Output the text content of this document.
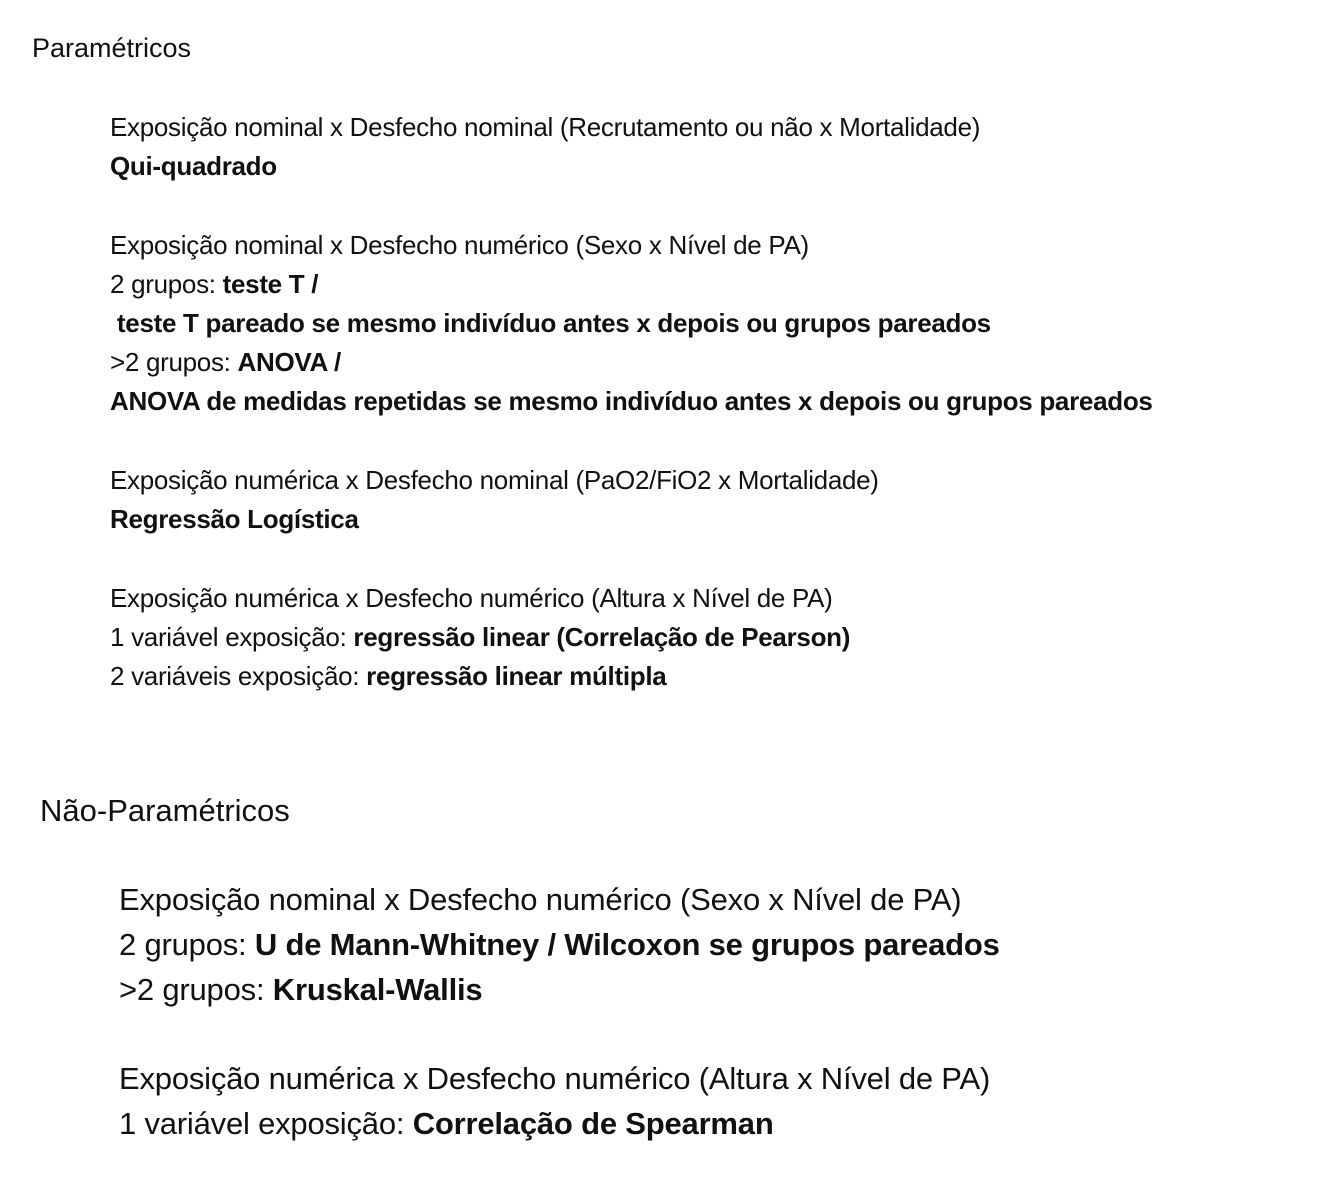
Paramétricos

Exposição nominal x Desfecho nominal (Recrutamento ou não x Mortalidade)

Qui-quadrado

Exposição nominal x Desfecho numérico (Sexo x Nível de PA)

2 grupos: teste T /

teste T pareado se mesmo indivíduo antes x depois ou grupos pareados

>2 grupos: ANOVA /

ANOVA de medidas repetidas se mesmo indivíduo antes x depois ou grupos pareados

Exposição numérica x Desfecho nominal (PaO2/FiO2 x Mortalidade)

Regressão Logística

Exposição numérica x Desfecho numérico (Altura x Nível de PA)

1 variável exposição: regressão linear (Correlação de Pearson)

2 variáveis exposição: regressão linear múltipla

Não-Paramétricos

Exposição nominal x Desfecho numérico (Sexo x Nível de PA)

2 grupos: U de Mann-Whitney / Wilcoxon se grupos pareados

>2 grupos: Kruskal-Wallis

Exposição numérica x Desfecho numérico (Altura x Nível de PA)

1 variável exposição: Correlação de Spearman
